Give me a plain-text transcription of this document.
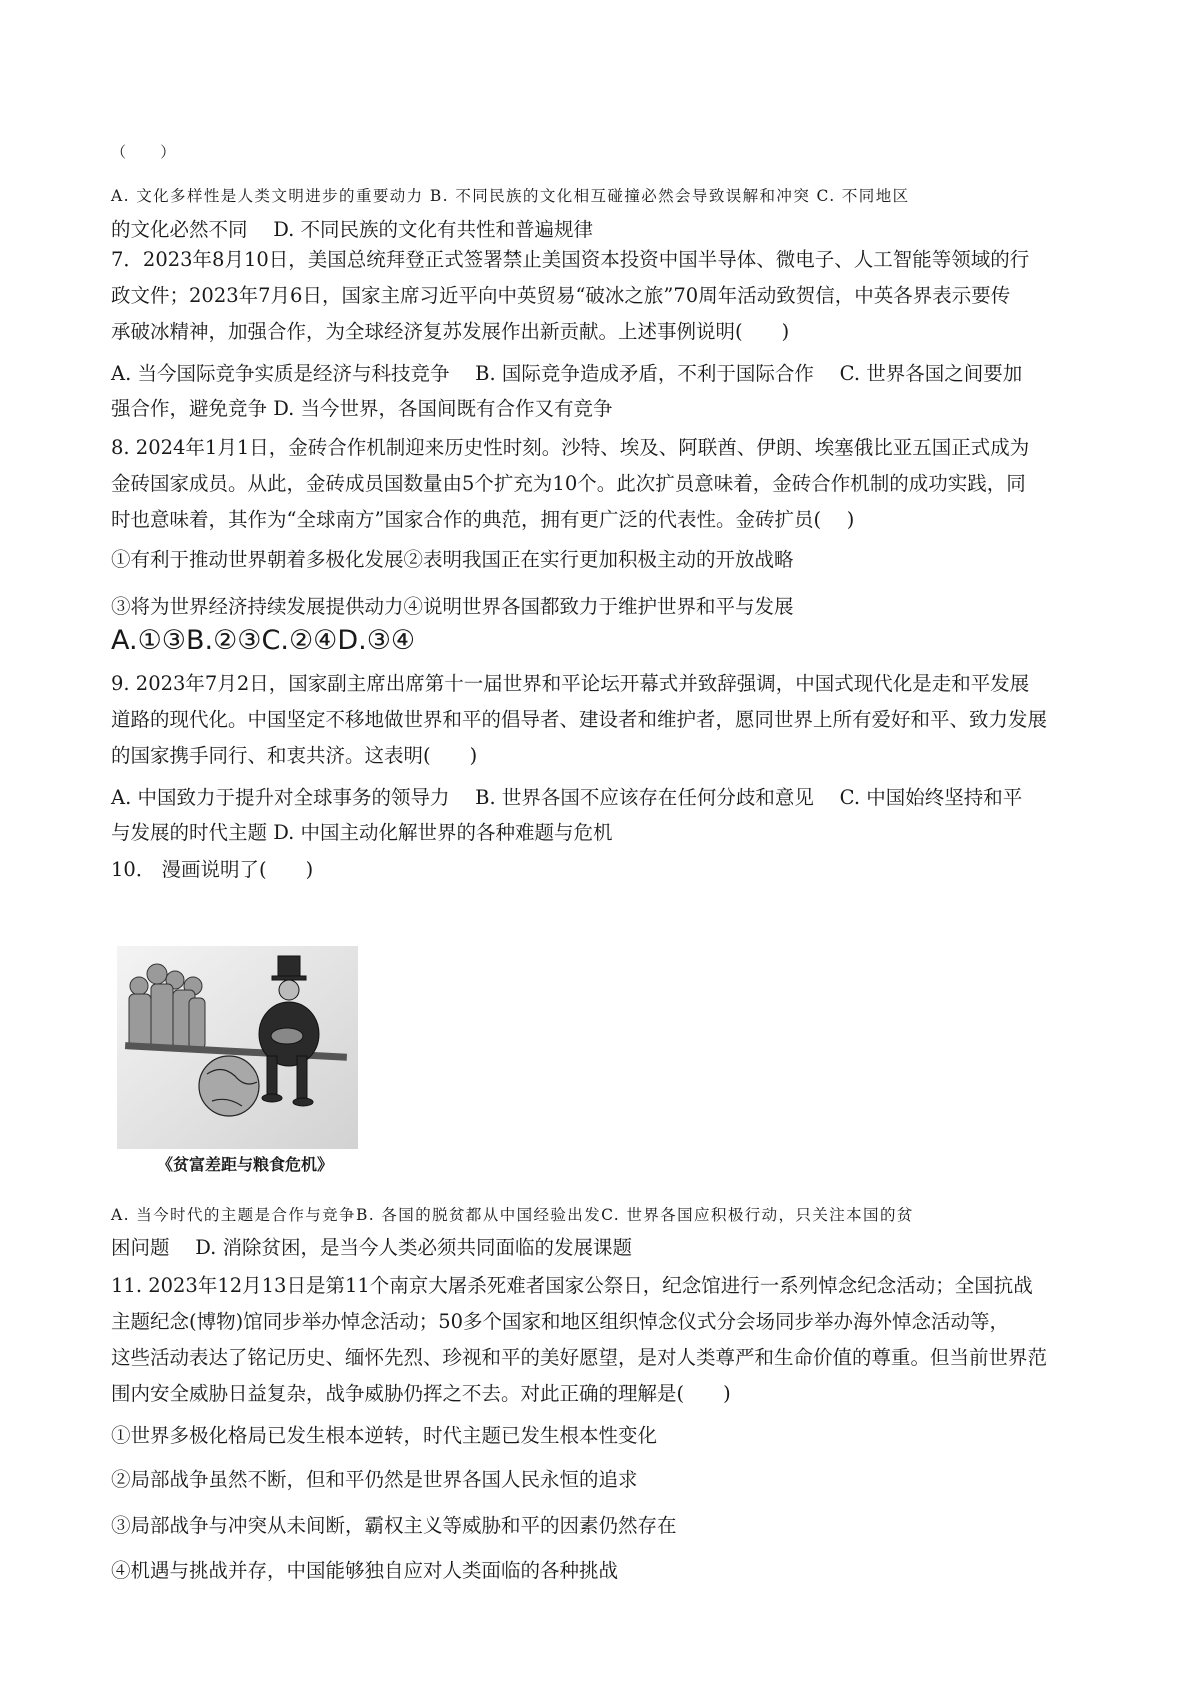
（　　）
A. 文化多样性是人类文明进步的重要动力 B. 不同民族的文化相互碰撞必然会导致误解和冲突 C. 不同地区
的文化必然不同　 D. 不同民族的文化有共性和普遍规律
7．2023年8月10日，美国总统拜登正式签署禁止美国资本投资中国半导体、微电子、人工智能等领域的行
政文件；2023年7月6日，国家主席习近平向中英贸易“破冰之旅”70周年活动致贺信，中英各界表示要传
承破冰精神，加强合作，为全球经济复苏发展作出新贡献。上述事例说明(　　)
A. 当今国际竞争实质是经济与科技竞争　 B. 国际竞争造成矛盾，不利于国际合作　 C. 世界各国之间要加
强合作，避免竞争 D. 当今世界，各国间既有合作又有竞争
8. 2024年1月1日，金砖合作机制迎来历史性时刻。沙特、埃及、阿联酋、伊朗、埃塞俄比亚五国正式成为
金砖国家成员。从此，金砖成员国数量由5个扩充为10个。此次扩员意味着，金砖合作机制的成功实践，同
时也意味着，其作为“全球南方”国家合作的典范，拥有更广泛的代表性。金砖扩员(　 )
①有利于推动世界朝着多极化发展②表明我国正在实行更加积极主动的开放战略
③将为世界经济持续发展提供动力④说明世界各国都致力于维护世界和平与发展
A.①③B.②③C.②④D.③④
9. 2023年7月2日，国家副主席出席第十一届世界和平论坛开幕式并致辞强调，中国式现代化是走和平发展
道路的现代化。中国坚定不移地做世界和平的倡导者、建设者和维护者，愿同世界上所有爱好和平、致力发展
的国家携手同行、和衷共济。这表明(　　)
A. 中国致力于提升对全球事务的领导力　 B. 世界各国不应该存在任何分歧和意见　 C. 中国始终坚持和平
与发展的时代主题 D. 中国主动化解世界的各种难题与危机
10． 漫画说明了(　　)
《贫富差距与粮食危机》
A. 当今时代的主题是合作与竞争B. 各国的脱贫都从中国经验出发C. 世界各国应积极行动，只关注本国的贫
困问题　 D. 消除贫困，是当今人类必须共同面临的发展课题
11. 2023年12月13日是第11个南京大屠杀死难者国家公祭日，纪念馆进行一系列悼念纪念活动；全国抗战
主题纪念(博物)馆同步举办悼念活动；50多个国家和地区组织悼念仪式分会场同步举办海外悼念活动等，
这些活动表达了铭记历史、缅怀先烈、珍视和平的美好愿望，是对人类尊严和生命价值的尊重。但当前世界范
围内安全威胁日益复杂，战争威胁仍挥之不去。对此正确的理解是(　　)
①世界多极化格局已发生根本逆转，时代主题已发生根本性变化
②局部战争虽然不断，但和平仍然是世界各国人民永恒的追求
③局部战争与冲突从未间断，霸权主义等威胁和平的因素仍然存在
④机遇与挑战并存，中国能够独自应对人类面临的各种挑战
